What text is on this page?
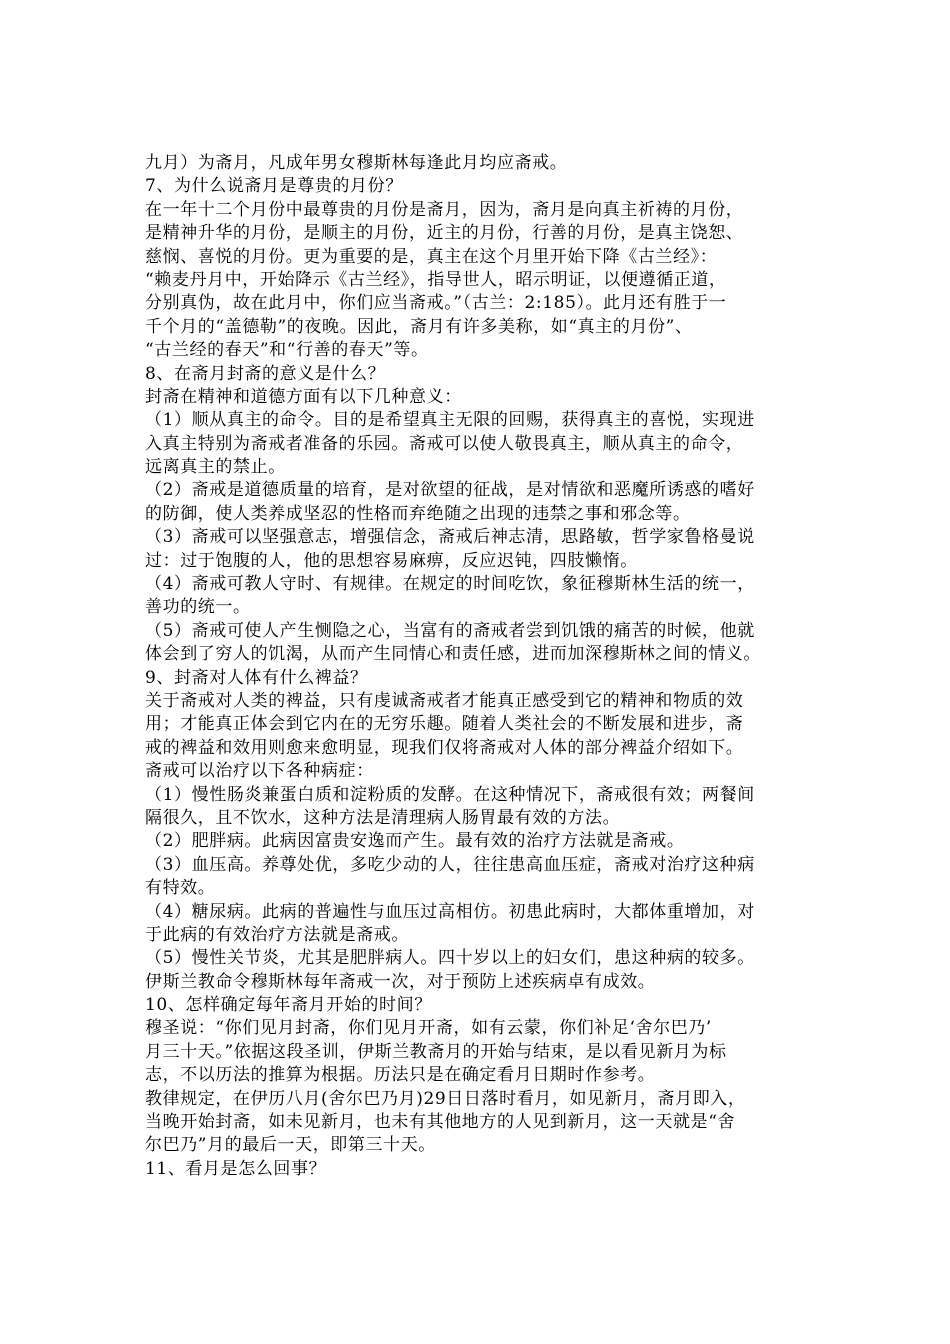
九月）为斋月，凡成年男女穆斯林每逢此月均应斋戒。
7、为什么说斋月是尊贵的月份？
在一年十二个月份中最尊贵的月份是斋月，因为，斋月是向真主祈祷的月份，
是精神升华的月份，是顺主的月份，近主的月份，行善的月份，是真主饶恕、
慈悯、喜悦的月份。更为重要的是，真主在这个月里开始下降《古兰经》：
“赖麦丹月中，开始降示《古兰经》，指导世人，昭示明证，以便遵循正道，
分别真伪，故在此月中，你们应当斋戒。”（古兰：2:185）。此月还有胜于一
千个月的“盖德勒”的夜晚。因此，斋月有许多美称，如“真主的月份”、
“古兰经的春天”和“行善的春天”等。
8、在斋月封斋的意义是什么？
封斋在精神和道德方面有以下几种意义：
（1）顺从真主的命令。目的是希望真主无限的回赐，获得真主的喜悦，实现进
入真主特别为斋戒者准备的乐园。斋戒可以使人敬畏真主，顺从真主的命令，
远离真主的禁止。
（2）斋戒是道德质量的培育，是对欲望的征战，是对情欲和恶魔所诱惑的嗜好
的防御，使人类养成坚忍的性格而弃绝随之出现的违禁之事和邪念等。
（3）斋戒可以坚强意志，增强信念，斋戒后神志清，思路敏，哲学家鲁格曼说
过：过于饱腹的人，他的思想容易麻痹，反应迟钝，四肢懒惰。
（4）斋戒可教人守时、有规律。在规定的时间吃饮，象征穆斯林生活的统一，
善功的统一。
（5）斋戒可使人产生恻隐之心，当富有的斋戒者尝到饥饿的痛苦的时候，他就
体会到了穷人的饥渴，从而产生同情心和责任感，进而加深穆斯林之间的情义。
9、封斋对人体有什么裨益？
关于斋戒对人类的裨益，只有虔诚斋戒者才能真正感受到它的精神和物质的效
用；才能真正体会到它内在的无穷乐趣。随着人类社会的不断发展和进步，斋
戒的裨益和效用则愈来愈明显，现我们仅将斋戒对人体的部分裨益介绍如下。
斋戒可以治疗以下各种病症：
（1）慢性肠炎兼蛋白质和淀粉质的发酵。在这种情况下，斋戒很有效；两餐间
隔很久，且不饮水，这种方法是清理病人肠胃最有效的方法。
（2）肥胖病。此病因富贵安逸而产生。最有效的治疗方法就是斋戒。
（3）血压高。养尊处优，多吃少动的人，往往患高血压症，斋戒对治疗这种病
有特效。
（4）糖尿病。此病的普遍性与血压过高相仿。初患此病时，大都体重增加，对
于此病的有效治疗方法就是斋戒。
（5）慢性关节炎，尤其是肥胖病人。四十岁以上的妇女们，患这种病的较多。
伊斯兰教命令穆斯林每年斋戒一次，对于预防上述疾病卓有成效。
10、怎样确定每年斋月开始的时间？
穆圣说：“你们见月封斋，你们见月开斋，如有云蒙，你们补足‘舍尔巴乃’
月三十天。”依据这段圣训，伊斯兰教斋月的开始与结束，是以看见新月为标
志，不以历法的推算为根据。历法只是在确定看月日期时作参考。
教律规定，在伊历八月(舍尔巴乃月)29日日落时看月，如见新月，斋月即入，
当晚开始封斋，如未见新月，也未有其他地方的人见到新月，这一天就是“舍
尔巴乃”月的最后一天，即第三十天。
11、看月是怎么回事？
